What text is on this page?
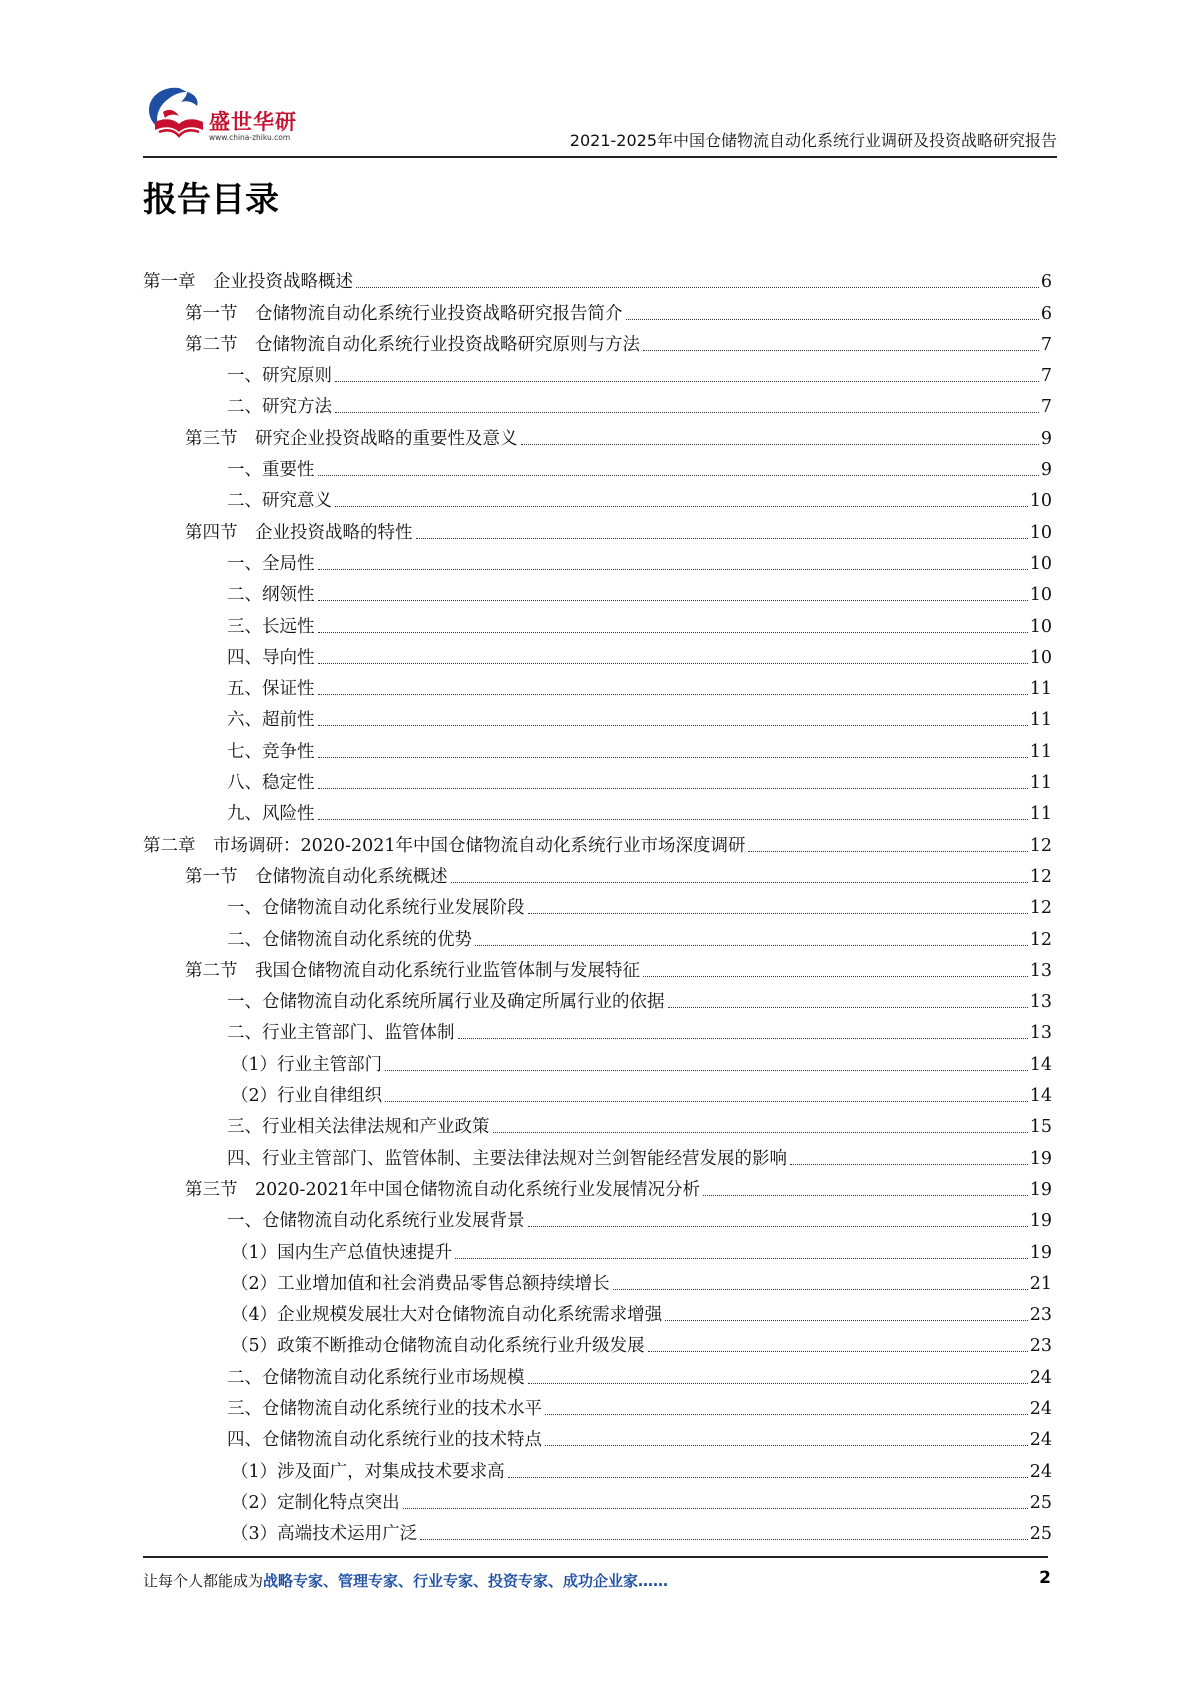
盛世华研
www.china-zhiku.com	2021-2025年中国仓储物流自动化系统行业调研及投资战略研究报告
报告目录
第一章　企业投资战略概述	6
第一节　仓储物流自动化系统行业投资战略研究报告简介	6
第二节　仓储物流自动化系统行业投资战略研究原则与方法	7
一、研究原则	7
二、研究方法	7
第三节　研究企业投资战略的重要性及意义	9
一、重要性	9
二、研究意义	10
第四节　企业投资战略的特性	10
一、全局性	10
二、纲领性	10
三、长远性	10
四、导向性	10
五、保证性	11
六、超前性	11
七、竞争性	11
八、稳定性	11
九、风险性	11
第二章　市场调研：2020-2021年中国仓储物流自动化系统行业市场深度调研	12
第一节　仓储物流自动化系统概述	12
一、仓储物流自动化系统行业发展阶段	12
二、仓储物流自动化系统的优势	12
第二节　我国仓储物流自动化系统行业监管体制与发展特征	13
一、仓储物流自动化系统所属行业及确定所属行业的依据	13
二、行业主管部门、监管体制	13
（1）行业主管部门	14
（2）行业自律组织	14
三、行业相关法律法规和产业政策	15
四、行业主管部门、监管体制、主要法律法规对兰剑智能经营发展的影响	19
第三节　2020-2021年中国仓储物流自动化系统行业发展情况分析	19
一、仓储物流自动化系统行业发展背景	19
（1）国内生产总值快速提升	19
（2）工业增加值和社会消费品零售总额持续增长	21
（4）企业规模发展壮大对仓储物流自动化系统需求增强	23
（5）政策不断推动仓储物流自动化系统行业升级发展	23
二、仓储物流自动化系统行业市场规模	24
三、仓储物流自动化系统行业的技术水平	24
四、仓储物流自动化系统行业的技术特点	24
（1）涉及面广，对集成技术要求高	24
（2）定制化特点突出	25
（3）高端技术运用广泛	25
让每个人都能成为战略专家、管理专家、行业专家、投资专家、成功企业家……	2
